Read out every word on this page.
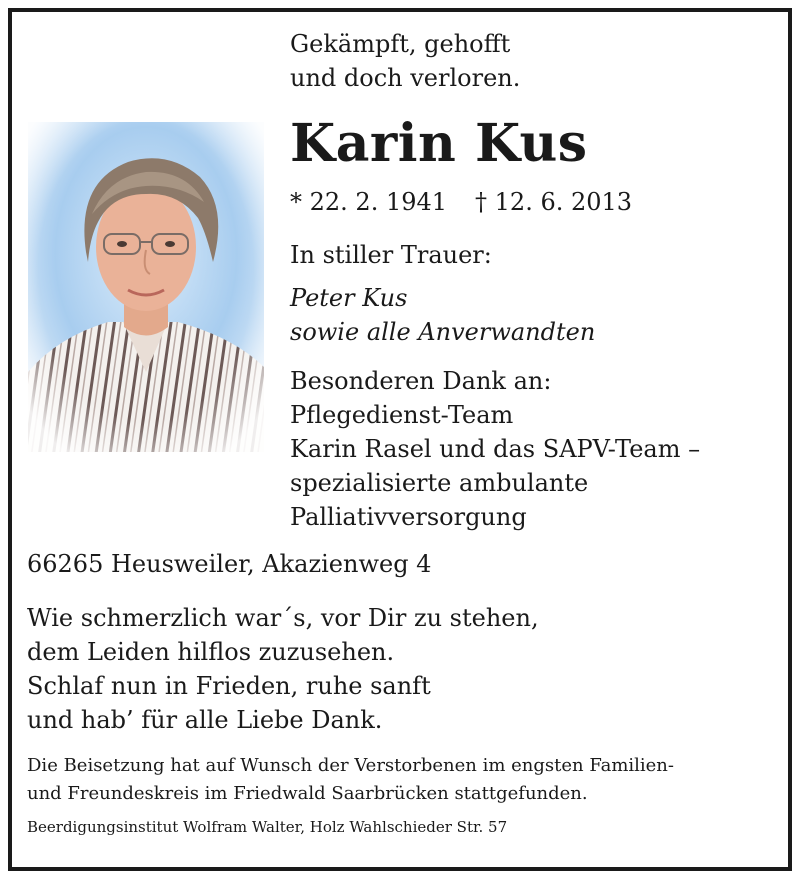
Gekämpft, gehofft
und doch verloren.
Karin Kus
* 22. 2. 1941 † 12. 6. 2013
In stiller Trauer:
Peter Kus
sowie alle Anverwandten
Besonderen Dank an:
Pflegedienst-Team
Karin Rasel und das SAPV-Team –
spezialisierte ambulante
Palliativversorgung
66265 Heusweiler, Akazienweg 4
Wie schmerzlich war´s, vor Dir zu stehen,
dem Leiden hilflos zuzusehen.
Schlaf nun in Frieden, ruhe sanft
und hab’ für alle Liebe Dank.
Die Beisetzung hat auf Wunsch der Verstorbenen im engsten Familien-
und Freundeskreis im Friedwald Saarbrücken stattgefunden.
Beerdigungsinstitut Wolfram Walter, Holz Wahlschieder Str. 57
